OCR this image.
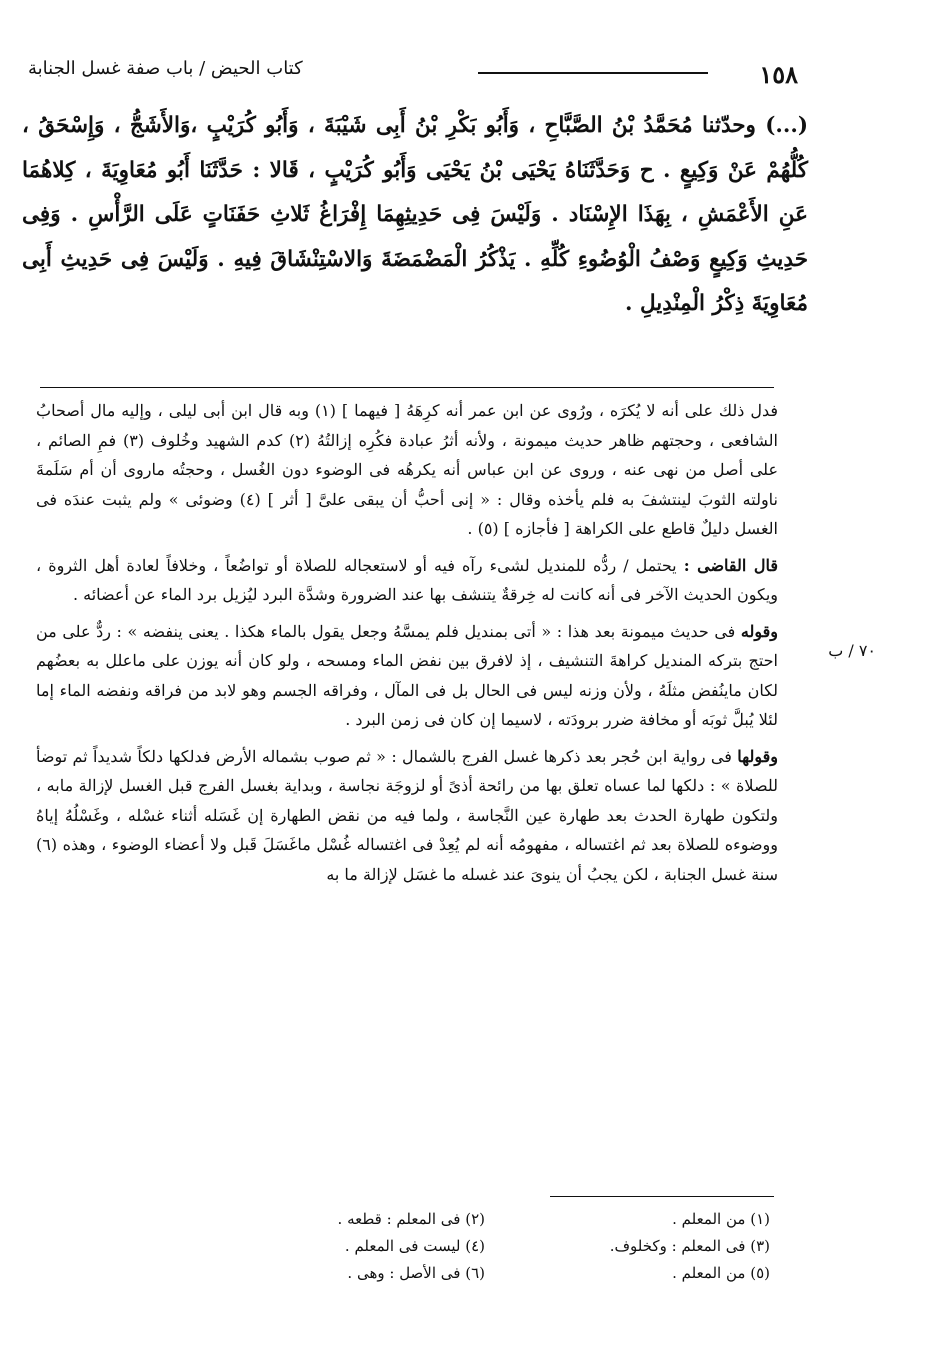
١٥٨
كتاب الحيض / باب صفة غسل الجنابة
(...) وحدّثنا مُحَمَّدُ بْنُ الصَّبَّاحِ ، وَأَبُو بَكْرِ بْنُ أَبِى شَيْبَةَ ، وَأَبُو كُرَيْبٍ ،وَالأَشَجُّ ، وَإِسْحَقُ ، كُلُّهُمْ عَنْ وَكِيعٍ . ح وَحَدَّثَنَاهُ يَحْيَى بْنُ يَحْيَى وَأَبُو كُرَيْبٍ ، قَالا : حَدَّثَنَا أَبُو مُعَاوِيَةَ ، كِلاهُمَا عَنِ الأَعْمَشِ ، بِهَذَا الإِسْنَاد . وَلَيْسَ فِى حَدِيثِهِمَا إِفْرَاغُ ثَلاثِ حَفَنَاتٍ عَلَى الرَّأْسِ . وَفِى حَدِيثِ وَكِيعٍ وَصْفُ الْوُضُوءِ كُلِّهِ . يَذْكُرُ الْمَضْمَضَةَ وَالاسْتِنْشَاقَ فِيهِ . وَلَيْسَ فِى حَدِيثِ أَبِى مُعَاوِيَةَ ذِكْرُ الْمِنْدِيلِ .

فدل ذلك على أنه لا يُكرَه ، ورُوى عن ابن عمر أنه كرِهَهُ [ فيهما ] (١) وبه قال ابن أبى ليلى ، وإليه مال أصحابُ الشافعى ، وحجتهم ظاهر حديث ميمونة ، ولأنه أثرُ عبادة فكُرِه إزالتُهُ (٢) كدم الشهيد وخُلوف (٣) فمِ الصائم ، على أصل من نهى عنه ، وروى عن ابن عباس أنه يكرهُه فى الوضوء دون الغُسل ، وحجتُه ماروى أن أم سَلَمةَ ناولته الثوبَ لينتشفَ به فلم يأخذه وقال : « إنى أحبُّ أن يبقى علىَّ [ أثر ] (٤) وضوئى » ولم يثبت عندَه فى الغسل دليلٌ قاطع على الكراهة [ فأجازه ] (٥) .

قال القاضى : يحتمل / ردُّه للمنديل لشىء رآه فيه أو لاستعجاله للصلاة أو تواضُعاً ، وخلافاً لعادة أهل الثروة ، ويكون الحديث الآخر فى أنه كانت له خِرقةٌ يتنشف بها عند الضرورة وشدَّة البرد ليُزيل برد الماء عن أعضائه .

وقوله فى حديث ميمونة بعد هذا : « أتى بمنديل فلم يمسَّهُ وجعل يقول بالماء هكذا . يعنى ينفضه » : ردٌّ على من احتج بتركه المنديل كراهةَ التنشيف ، إذ لافرق بين نفض الماء ومسحه ، ولو كان أنه يوزن على ماعلل به بعضُهم لكان ماينُفض مثلَهُ ، ولأن وزنه ليس فى الحال بل فى المآل ، وفراقه الجسم وهو لابد من فراقه ونفضه الماء إما لئلا يُبلَّ ثوبَه أو مخافة ضرر برودَته ، لاسيما إن كان فى زمن البرد .

وقولها فى رواية ابن حُجر بعد ذكرها غسل الفرج بالشمال : « ثم صوب بشماله الأرض فدلكها دلكاً شديداً ثم توضأ للصلاة » : دلكها لما عساه تعلق بها من رائحة أذىً أو لزوجَة نجاسة ، وبداية بغسل الفرج قبل الغسل لإزالة مابه ، ولتكون طهارة الحدث بعد طهارة عين النَّجاسة ، ولما فيه من نقض الطهارة إن غَسَله أثناء غسْله ، وغَسْلُهُ إياهُ ووضوءه للصلاة بعد ثم اغتساله ، مفهومُه أنه لم يُعِدْ فى اغتساله غُسْل ماغَسَلَ قَبل ولا أعضاء الوضوء ، وهذه (٦) سنة غسل الجنابة ، لكن يجبُ أن ينوىَ عند غسله ما غسَل لإزالة ما به

٧٠ / ب
(١) من المعلم .
(٢) فى المعلم : قطعه .
(٣) فى المعلم : وكخلوف.
(٤) ليست فى المعلم .
(٥) من المعلم .
(٦) فى الأصل : وهى .
